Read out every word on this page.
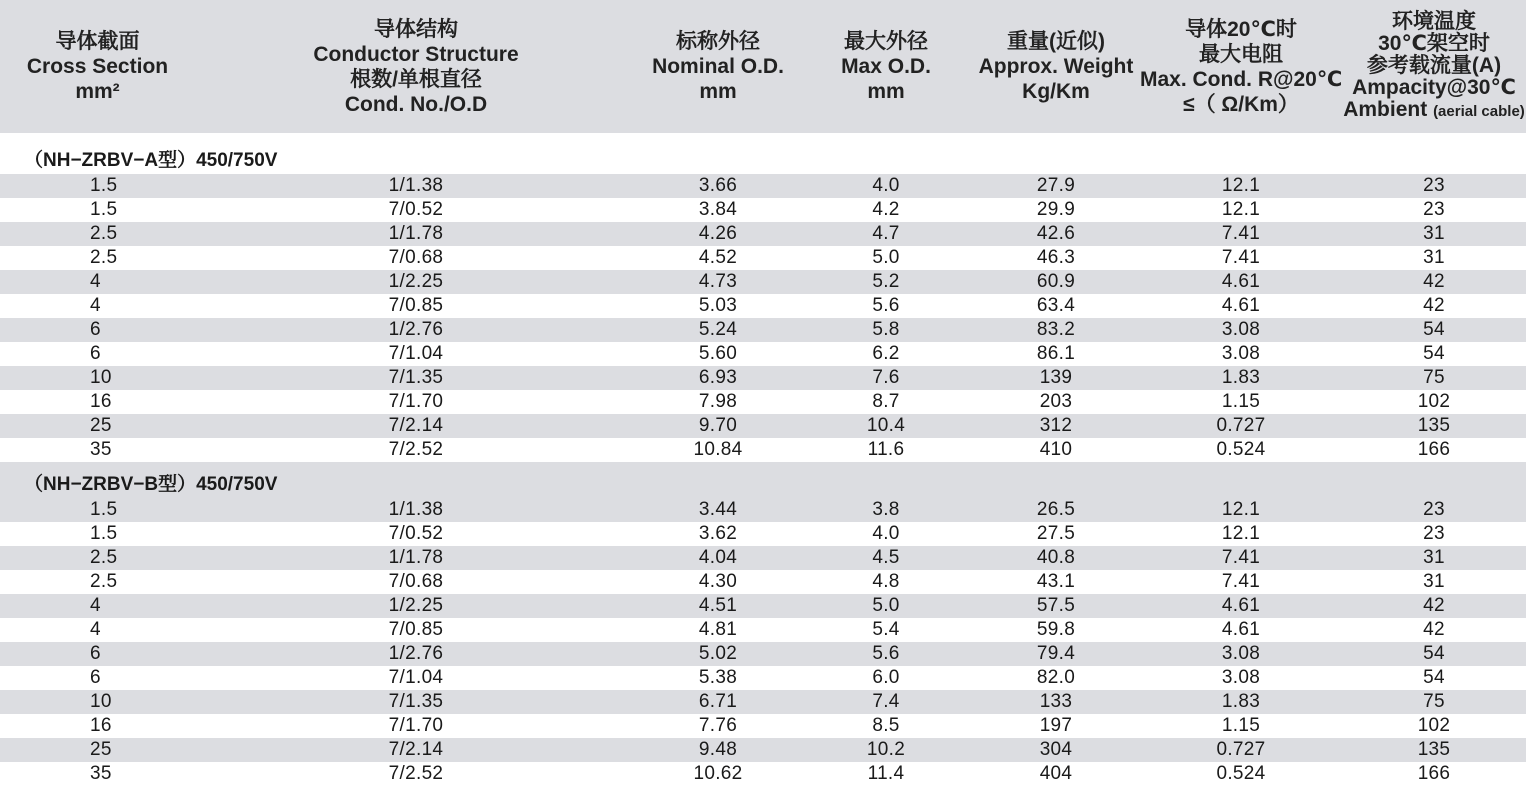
导体截面
Cross Section
mm²	导体结构
Conductor Structure
根数/单根直径
Cond. No./O.D	标称外径
Nominal O.D.
mm	最大外径
Max O.D.
mm	重量(近似)
Approx. Weight
Kg/Km	导体20℃时
最大电阻
Max. Cond. R@20℃
≤（ Ω/Km）	环境温度
30℃架空时
参考载流量(A)
Ampacity@30℃
Ambient (aerial cable)

（NH−ZRBV−A型）450/750V						
1.5	1/1.38	3.66	4.0	27.9	12.1	23
1.5	7/0.52	3.84	4.2	29.9	12.1	23
2.5	1/1.78	4.26	4.7	42.6	7.41	31
2.5	7/0.68	4.52	5.0	46.3	7.41	31
4	1/2.25	4.73	5.2	60.9	4.61	42
4	7/0.85	5.03	5.6	63.4	4.61	42
6	1/2.76	5.24	5.8	83.2	3.08	54
6	7/1.04	5.60	6.2	86.1	3.08	54
10	7/1.35	6.93	7.6	139	1.83	75
16	7/1.70	7.98	8.7	203	1.15	102
25	7/2.14	9.70	10.4	312	0.727	135
35	7/2.52	10.84	11.6	410	0.524	166

（NH−ZRBV−B型）450/750V						
1.5	1/1.38	3.44	3.8	26.5	12.1	23
1.5	7/0.52	3.62	4.0	27.5	12.1	23
2.5	1/1.78	4.04	4.5	40.8	7.41	31
2.5	7/0.68	4.30	4.8	43.1	7.41	31
4	1/2.25	4.51	5.0	57.5	4.61	42
4	7/0.85	4.81	5.4	59.8	4.61	42
6	1/2.76	5.02	5.6	79.4	3.08	54
6	7/1.04	5.38	6.0	82.0	3.08	54
10	7/1.35	6.71	7.4	133	1.83	75
16	7/1.70	7.76	8.5	197	1.15	102
25	7/2.14	9.48	10.2	304	0.727	135
35	7/2.52	10.62	11.4	404	0.524	166
